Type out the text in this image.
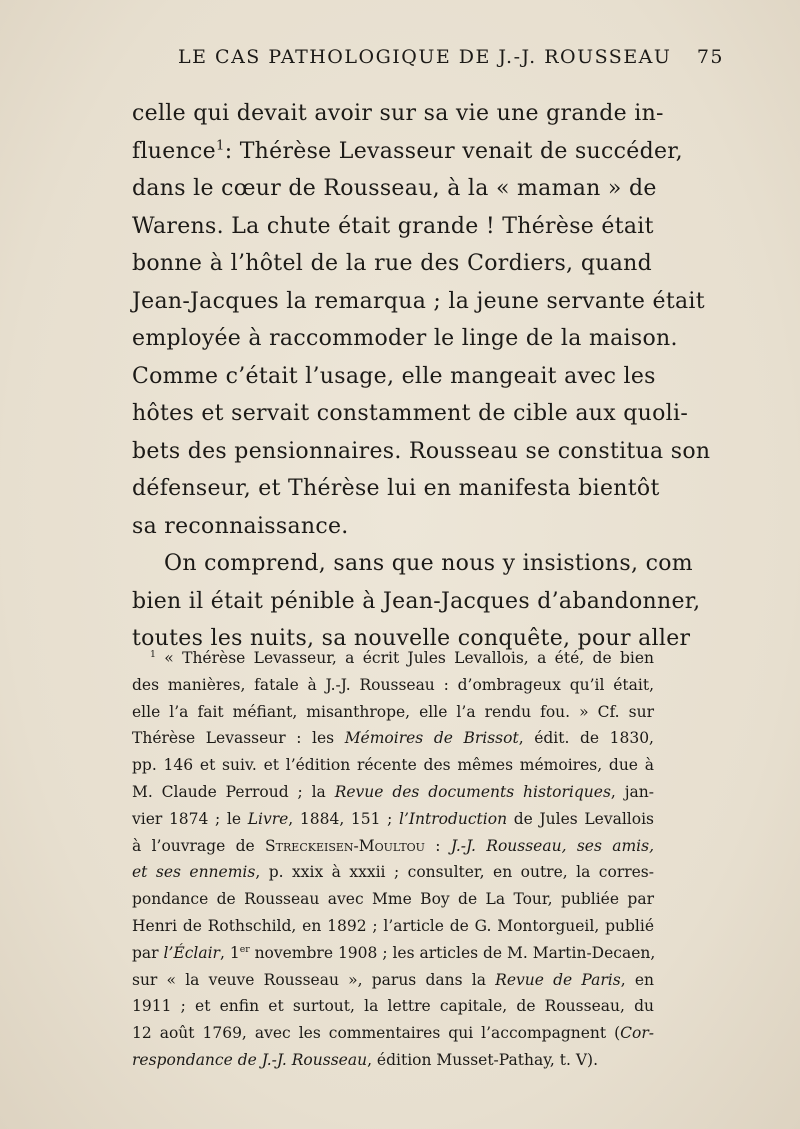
LE CAS PATHOLOGIQUE DE J.-J. ROUSSEAU 75
celle qui devait avoir sur sa vie une grande in-
fluence$^1$: Thérèse Levasseur venait de succéder,
dans le cœur de Rousseau, à la « maman » de
Warens. La chute était grande ! Thérèse était
bonne à l’hôtel de la rue des Cordiers, quand
Jean-Jacques la remarqua ; la jeune servante était
employée à raccommoder le linge de la maison.
Comme c’était l’usage, elle mangeait avec les
hôtes et servait constamment de cible aux quoli-
bets des pensionnaires. Rousseau se constitua son
défenseur, et Thérèse lui en manifesta bientôt
sa reconnaissance.
On comprend, sans que nous y insistions, com
bien il était pénible à Jean-Jacques d’abandonner,
toutes les nuits, sa nouvelle conquête, pour aller
$^1$ « Thérèse Levasseur, a écrit Jules Levallois, a été, de bien
des manières, fatale à J.-J. Rousseau : d’ombrageux qu’il était,
elle l’a fait méfiant, misanthrope, elle l’a rendu fou. » Cf. sur
Thérèse Levasseur : les Mémoires de Brissot, édit. de 1830,
pp. 146 et suiv. et l’édition récente des mêmes mémoires, due à
M. Claude Perroud ; la Revue des documents historiques, jan-
vier 1874 ; le Livre, 1884, 151 ; l’Introduction de Jules Levallois
à l’ouvrage de Streckeisen-Moultou : J.-J. Rousseau, ses amis,
et ses ennemis, p. xxix à xxxii ; consulter, en outre, la corres-
pondance de Rousseau avec Mme Boy de La Tour, publiée par
Henri de Rothschild, en 1892 ; l’article de G. Montorgueil, publié
par l’Éclair, 1er novembre 1908 ; les articles de M. Martin-Decaen,
sur « la veuve Rousseau », parus dans la Revue de Paris, en
1911 ; et enfin et surtout, la lettre capitale, de Rousseau, du
12 août 1769, avec les commentaires qui l’accompagnent (Cor-
respondance de J.-J. Rousseau, édition Musset-Pathay, t. V).
